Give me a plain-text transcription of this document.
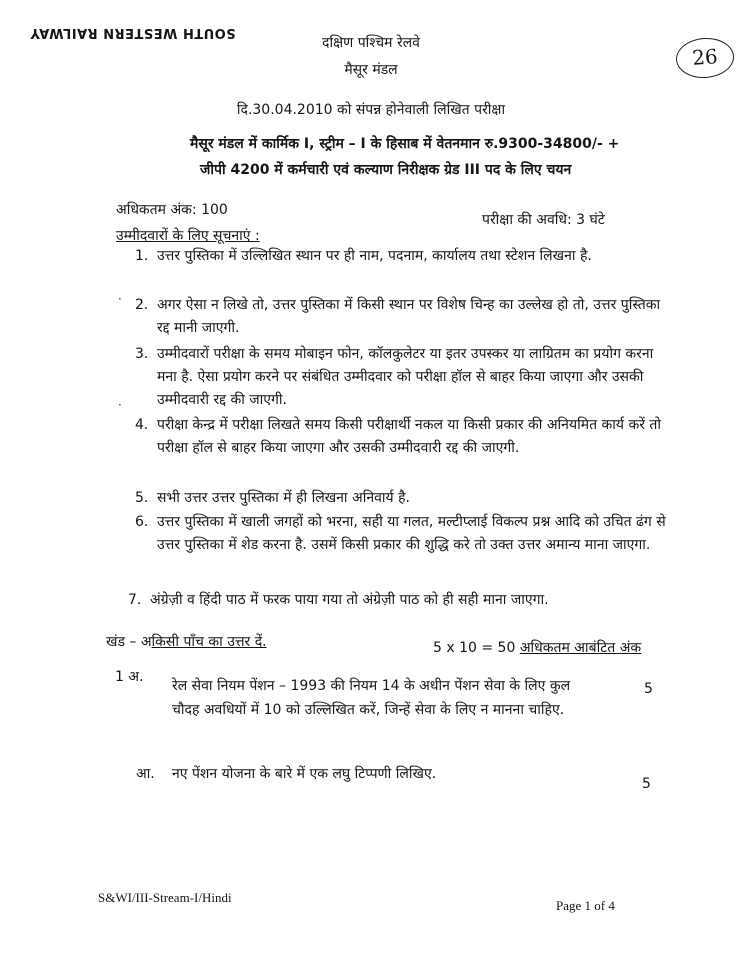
SOUTH WESTERN RAILWAY
26
दक्षिण पश्चिम रेलवे
मैसूर मंडल
दि.30.04.2010 को संपन्न होनेवाली लिखित परीक्षा
मैसूर मंडल में कार्मिक I, स्ट्रीम – I के हिसाब में वेतनमान रु.9300-34800/- +
जीपी 4200 में कर्मचारी एवं कल्याण निरीक्षक ग्रेड III पद के लिए चयन
अधिकतम अंक: 100
परीक्षा की अवधि: 3 घंटे
उम्मीदवारों के लिए सूचनाएं :
·
·
1. उत्तर पुस्तिका में उल्लिखित स्थान पर ही नाम, पदनाम, कार्यालय तथा स्टेशन लिखना है.
2. अगर ऐसा न लिखे तो, उत्तर पुस्तिका में किसी स्थान पर विशेष चिन्ह का उल्लेख हो तो, उत्तर पुस्तिका रद्द मानी जाएगी.
3. उम्मीदवारों परीक्षा के समय मोबाइन फोन, कॉलकुलेटर या इतर उपस्कर या लाग्रितम का प्रयोग करना मना है. ऐसा प्रयोग करने पर संबंधित उम्मीदवार को परीक्षा हॉल से बाहर किया जाएगा और उसकी उम्मीदवारी रद्द की जाएगी.
4. परीक्षा केन्द्र में परीक्षा लिखते समय किसी परीक्षार्थी नकल या किसी प्रकार की अनियमित कार्य करें तो परीक्षा हॉल से बाहर किया जाएगा और उसकी उम्मीदवारी रद्द की जाएगी.
5. सभी उत्तर उत्तर पुस्तिका में ही लिखना अनिवार्य है.
6. उत्तर पुस्तिका में खाली जगहों को भरना, सही या गलत, मल्टीप्लाई विकल्प प्रश्न आदि को उचित ढंग से उत्तर पुस्तिका में शेड करना है. उसमें किसी प्रकार की शुद्धि करे तो उक्त उत्तर अमान्य माना जाएगा.
7. अंग्रेज़ी व हिंदी पाठ में फरक पाया गया तो अंग्रेज़ी पाठ को ही सही माना जाएगा.
खंड – अकिसी पाँच का उत्तर दें.	5 x 10 = 50 अधिकतम आबंटित अंक
1 अ.
रेल सेवा नियम पेंशन – 1993 की नियम 14 के अधीन पेंशन सेवा के लिए कुल चौदह अवधियों में 10 को उल्लिखित करें, जिन्हें सेवा के लिए न मानना चाहिए.
5
आ. नए पेंशन योजना के बारे में एक लघु टिप्पणी लिखिए.
5
S&WI/III-Stream-I/Hindi
Page 1 of 4
